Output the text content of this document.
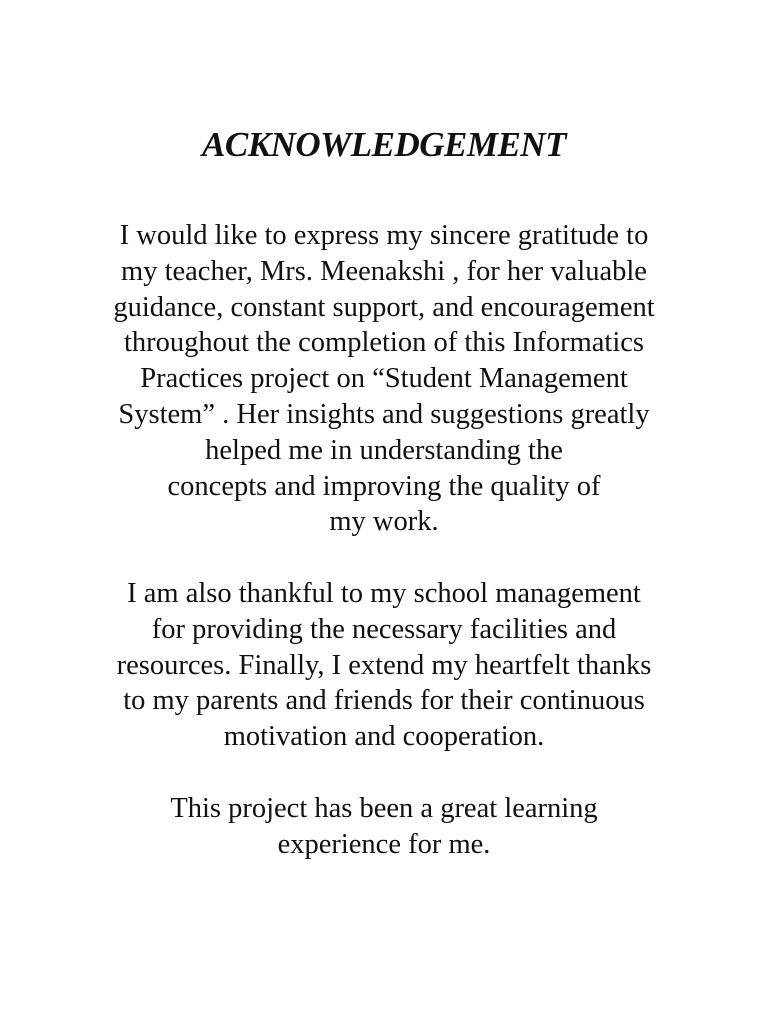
ACKNOWLEDGEMENT

I would like to express my sincere gratitude to
my teacher, Mrs. Meenakshi , for her valuable
guidance, constant support, and encouragement
throughout the completion of this Informatics
Practices project on “Student Management
System” . Her insights and suggestions greatly
helped me in understanding the
concepts and improving the quality of
my work.

I am also thankful to my school management
for providing the necessary facilities and
resources. Finally, I extend my heartfelt thanks
to my parents and friends for their continuous
motivation and cooperation.

This project has been a great learning
experience for me.
